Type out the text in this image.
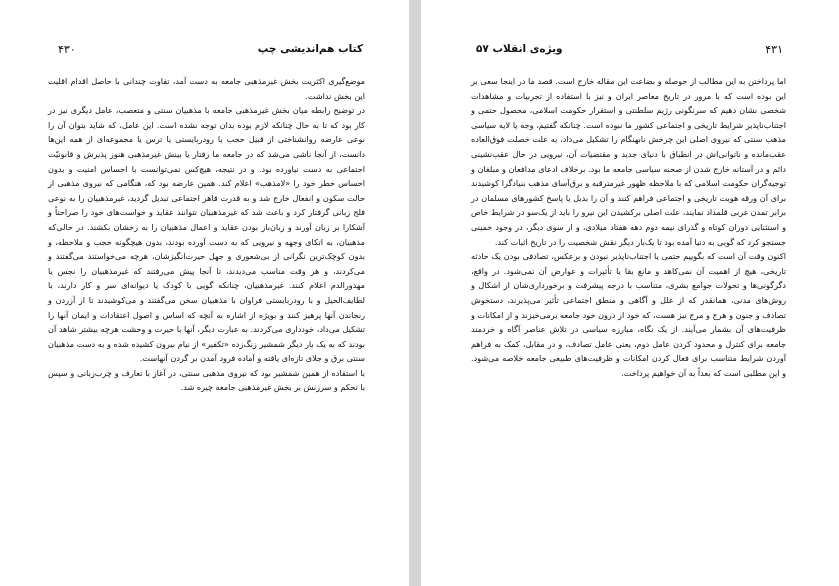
کتاب هم‌اندیشی چپ
۴۳۰

موضع‌گیری اکثریت بخش غیرمذهبی جامعه به دست آمد، تفاوت چندانی با حاصل اقدام اقلیت این بخش نداشت.

در توضیح رابطه میان بخش غیرمذهبی جامعه با مذهبیان سنتی و متعصب، عامل دیگری نیز در کار بود که تا به حال چنانکه لازم بوده بدان توجه نشده است. این عامل، که شاید بتوان آن را نوعی عارضه روانشناختی از قبیل حجب یا رودربایستی یا ترس یا مجموعه‌ای از همه این‌ها دانست، از آنجا ناشی می‌شد که در جامعه ما رفتار یا بینش غیرمذهبی هنوز پذیرش و قانونیّت اجتماعی به دست نیاورده بود. و در نتیجه، هیچ‌کس نمی‌توانست با احساس امنیت و بدون احساس خطر خود را «لامذهب» اعلام کند. همین عارضه بود که، هنگامی که نیروی مذهبی از حالت سکون و انفعال خارج شد و به قدرت قاهر اجتماعی تبدیل گردید، غیرمذهبیان را به نوعی فلج زبانی گرفتار کرد و باعث شد که غیرمذهبیان نتوانند عقاید و خواست‌های خود را صراحتاً و آشکارا بر زبان آورند و زبان‌باز بودن عقاید و اعمال مذهبیان را به رخشان بکشند. در حالی‌که مذهبیان، به اتکای وجهه و نیرویی که به دست آورده بودند، بدون هیچگونه حجب و ملاحظه، و بدون کوچک‌ترین نگرانی از بی‌شعوری و جهل حیرت‌انگیزشان، هرچه می‌خواستند می‌گفتند و می‌کردند، و هر وقت مناسب می‌دیدند، تا آنجا پیش می‌رفتند که غیرمذهبیان را نجس یا مهدورالدم اعلام کنند. غیرمذهبیان، چنانکه گویی با کودک یا دیوانه‌ای سر و کار دارند، با لطایف‌الحیل و با رودربایستی فراوان با مذهبیان سخن می‌گفتند و می‌کوشیدند تا از آزردن و رنجاندن آنها پرهیز کنند و بویژه از اشاره به آنچه که اساس و اصول اعتقادات و ایمان آنها را تشکیل می‌داد، خودداری می‌کردند. به عبارت دیگر، آنها با حیرت و وحشت هرچه بیشتر شاهد آن بودند که به یک بار دیگر شمشیر زنگ‌زده «تکفیر» از نیام بیرون کشیده شده و به دست مذهبیان سنتی برق و جلای تازه‌ای یافته و آماده فرود آمدن بر گردن آنهاست.

با استفاده از همین شمشیر بود که نیروی مذهبی سنتی، در آغاز با تعارف و چرب‌زبانی و سپس با تحکم و سرزنش بر بخش غیرمذهبی جامعه چیره شد.

ویژه‌ی انقلاب ۵۷	۴۳۱

اما پرداختن به این مطالب از حوصله و بضاعت این مقاله خارج است. قصد ما در اینجا سعی بر این بوده است که با مرور در تاریخ معاصر ایران و نیز با استفاده از تجربیات و مشاهدات شخصی نشان دهیم که سرنگونی رژیم سلطنتی و استقرار حکومت اسلامی، محصول حتمی و اجتناب‌ناپذیر شرایط تاریخی و اجتماعی کشور ما نبوده است. چنانکه گفتیم، وجه یا لایه سیاسی مذهب سنتی که نیروی اصلی این چرخش نابهنگام را تشکیل می‌داد، به علت خصلت فوق‌العاده عقب‌مانده و ناتوانی‌اش در انطباق با دنیای جدید و مقتضیات آن، نیرویی در حال عقب‌نشینی دائم و در آستانه خارج شدن از صحنه سیاسی جامعه ما بود. برخلاف ادعای مدافعان و مبلغان و توجیه‌گران حکومت اسلامی که با ملاحظه ظهور غیرمترقبه و برق‌آسای مذهب بنیادگرا کوشیدند برای آن ورقه هویت تاریخی و اجتماعی فراهم کنند و آن را بدیل یا پاسخ کشورهای مسلمان در برابر تمدن غربی قلمداد نمایند، علت اصلی برکشیدن این نیرو را باید از یک‌سو در شرایط خاص و استثنایی دوران کوتاه و گذرای نیمه دوم دهه هفتاد میلادی، و از سوی دیگر، در وجود خمینی جستجو کرد که گویی به دنیا آمده بود تا یک‌بار دیگر نقش شخصیت را در تاریخ اثبات کند.

اکنون وقت آن است که بگوییم حتمی یا اجتناب‌ناپذیر نبودن و برعکس، تصادفی بودن یک حادثه تاریخی، هیچ از اهمیت آن نمی‌کاهد و مانع بقا یا تأثیرات و عوارض آن نمی‌شود. در واقع، دگرگونی‌ها و تحولات جوامع بشری، متناسب با درجه پیشرفت و برخورداری‌شان از اشکال و روش‌های مدنی، همانقدر که از علل و آگاهی و منطق اجتماعی تأثیر می‌پذیرند، دستخوش تصادف و جنون و هرج و مرج نیز هست، که خود از درون خود جامعه برمی‌خیزند و از امکانات و ظرفیت‌های آن بشمار می‌آیند. از یک نگاه، مبارزه سیاسی در تلاش عناصر آگاه و خردمند جامعه برای کنترل و محدود کردن عامل دوم، یعنی عامل تصادف، و در مقابل، کمک به فراهم آوردن شرایط متناسب برای فعال کردن امکانات و ظرفیت‌های طبیعی جامعه خلاصه می‌شود. و این مطلبی است که بعداً به آن خواهیم پرداخت.
